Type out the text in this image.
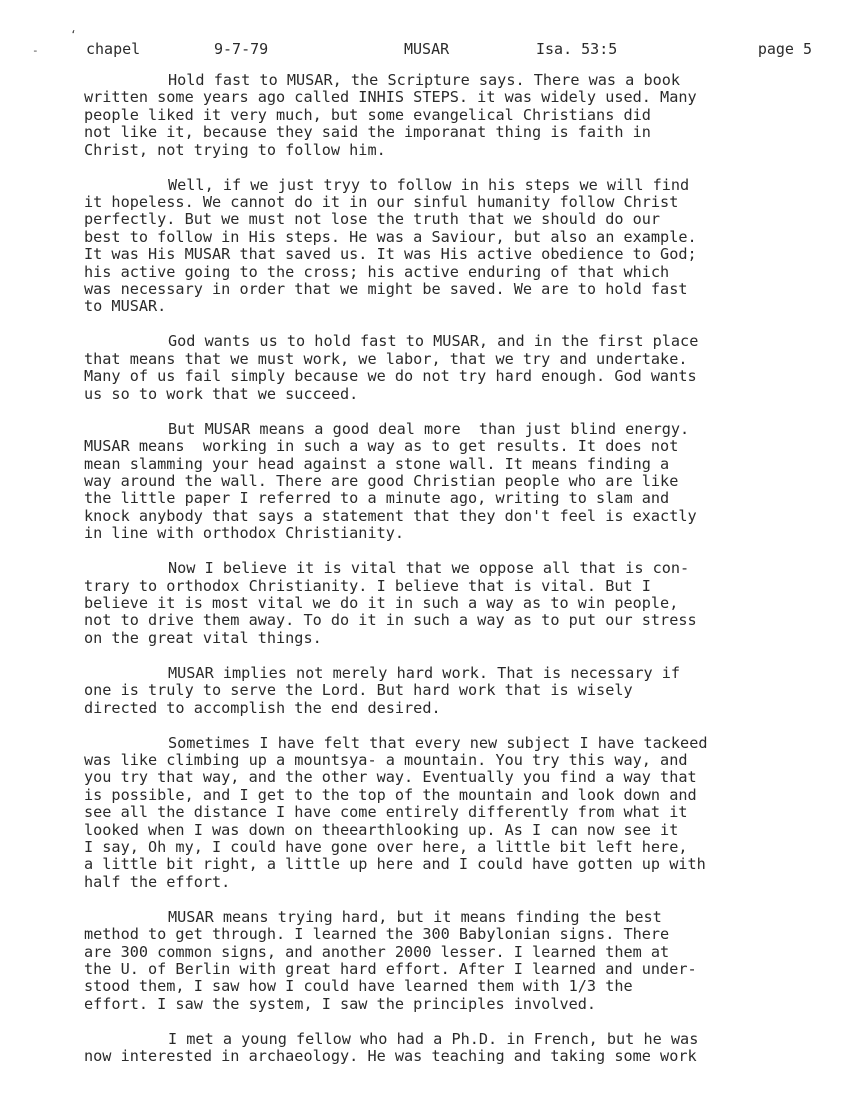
chapel	9-7-79	MUSAR	Isa. 53:5	page 5
‘
-
Hold fast to MUSAR, the Scripture says. There was a book
written some years ago called INHIS STEPS. it was widely used. Many
people liked it very much, but some evangelical Christians did
not like it, because they said the imporanat thing is faith in
Christ, not trying to follow him.
Well, if we just tryy to follow in his steps we will find
it hopeless. We cannot do it in our sinful humanity follow Christ
perfectly. But we must not lose the truth that we should do our
best to follow in His steps. He was a Saviour, but also an example.
It was His MUSAR that saved us. It was His active obedience to God;
his active going to the cross; his active enduring of that which
was necessary in order that we might be saved. We are to hold fast
to MUSAR.
God wants us to hold fast to MUSAR, and in the first place
that means that we must work, we labor, that we try and undertake.
Many of us fail simply because we do not try hard enough. God wants
us so to work that we succeed.
But MUSAR means a good deal more  than just blind energy.
MUSAR means  working in such a way as to get results. It does not
mean slamming your head against a stone wall. It means finding a
way around the wall. There are good Christian people who are like
the little paper I referred to a minute ago, writing to slam and
knock anybody that says a statement that they don't feel is exactly
in line with orthodox Christianity.
Now I believe it is vital that we oppose all that is con-
trary to orthodox Christianity. I believe that is vital. But I
believe it is most vital we do it in such a way as to win people,
not to drive them away. To do it in such a way as to put our stress
on the great vital things.
MUSAR implies not merely hard work. That is necessary if
one is truly to serve the Lord. But hard work that is wisely
directed to accomplish the end desired.
Sometimes I have felt that every new subject I have tackeed
was like climbing up a mountsya- a mountain. You try this way, and
you try that way, and the other way. Eventually you find a way that
is possible, and I get to the top of the mountain and look down and
see all the distance I have come entirely differently from what it
looked when I was down on theearthlooking up. As I can now see it
I say, Oh my, I could have gone over here, a little bit left here,
a little bit right, a little up here and I could have gotten up with
half the effort.
MUSAR means trying hard, but it means finding the best
method to get through. I learned the 300 Babylonian signs. There
are 300 common signs, and another 2000 lesser. I learned them at
the U. of Berlin with great hard effort. After I learned and under-
stood them, I saw how I could have learned them with 1/3 the
effort. I saw the system, I saw the principles involved.
I met a young fellow who had a Ph.D. in French, but he was
now interested in archaeology. He was teaching and taking some work
